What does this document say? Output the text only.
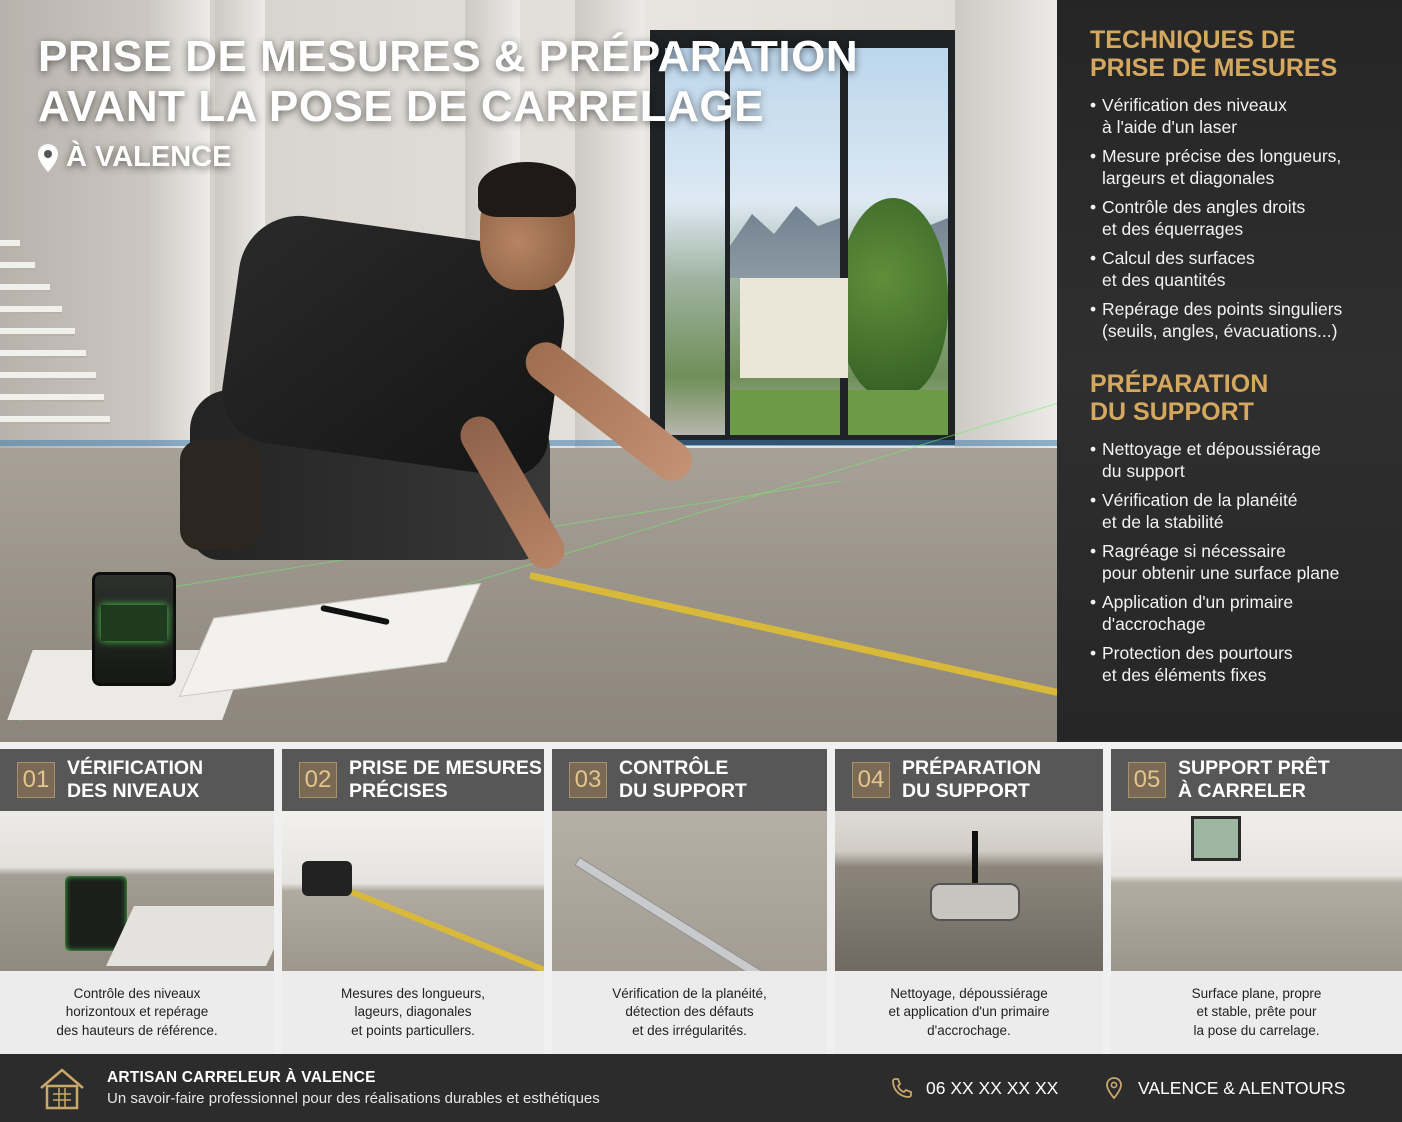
PRISE DE MESURES & PRÉPARATION
AVANT LA POSE DE CARRELAGE
À VALENCE
TECHNIQUES DE
PRISE DE MESURES
• Vérification des niveaux
à l'aide d'un laser
• Mesure précise des longueurs,
largeurs et diagonales
• Contrôle des angles droits
et des équerrages
• Calcul des surfaces
et des quantités
• Repérage des points singuliers
(seuils, angles, évacuations...)
PRÉPARATION
DU SUPPORT
• Nettoyage et dépoussiérage
du support
• Vérification de la planéité
et de la stabilité
• Ragréage si nécessaire
pour obtenir une surface plane
• Application d'un primaire
d'accrochage
• Protection des pourtours
et des éléments fixes
01 VÉRIFICATION
DES NIVEAUX
Contrôle des niveaux
horizontoux et repérage
des hauteurs de référence.
02 PRISE DE MESURES
PRÉCISES
Mesures des longueurs,
lageurs, diagonales
et points particullers.
03 CONTRÔLE
DU SUPPORT
Vérification de la planéité,
détection des défauts
et des irrégularités.
04 PRÉPARATION
DU SUPPORT
Nettoyage, dépoussiérage
et application d'un primaire
d'accrochage.
05 SUPPORT PRÊT
À CARRELER
Surface plane, propre
et stable, prête pour
la pose du carrelage.
ARTISAN CARRELEUR À VALENCE
Un savoir-faire professionnel pour des réalisations durables et esthétiques
06 XX XX XX XX	VALENCE & ALENTOURS
